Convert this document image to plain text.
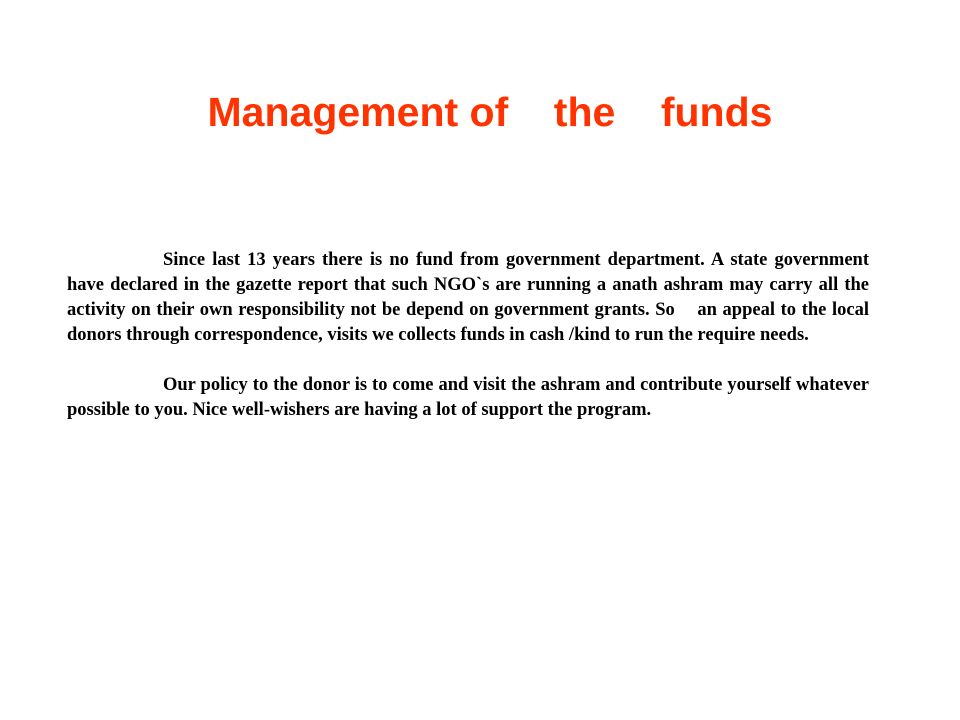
Management of    the    funds

Since last 13 years there is no fund from government department. A state government have declared in the gazette report that such NGO`s are running a anath ashram may carry all the activity on their own responsibility not be depend on government grants. So    an appeal to the local donors through correspondence, visits we collects funds in cash /kind to run the require needs.

Our policy to the donor is to come and visit the ashram and contribute yourself whatever possible to you. Nice well-wishers are having a lot of support the program.
